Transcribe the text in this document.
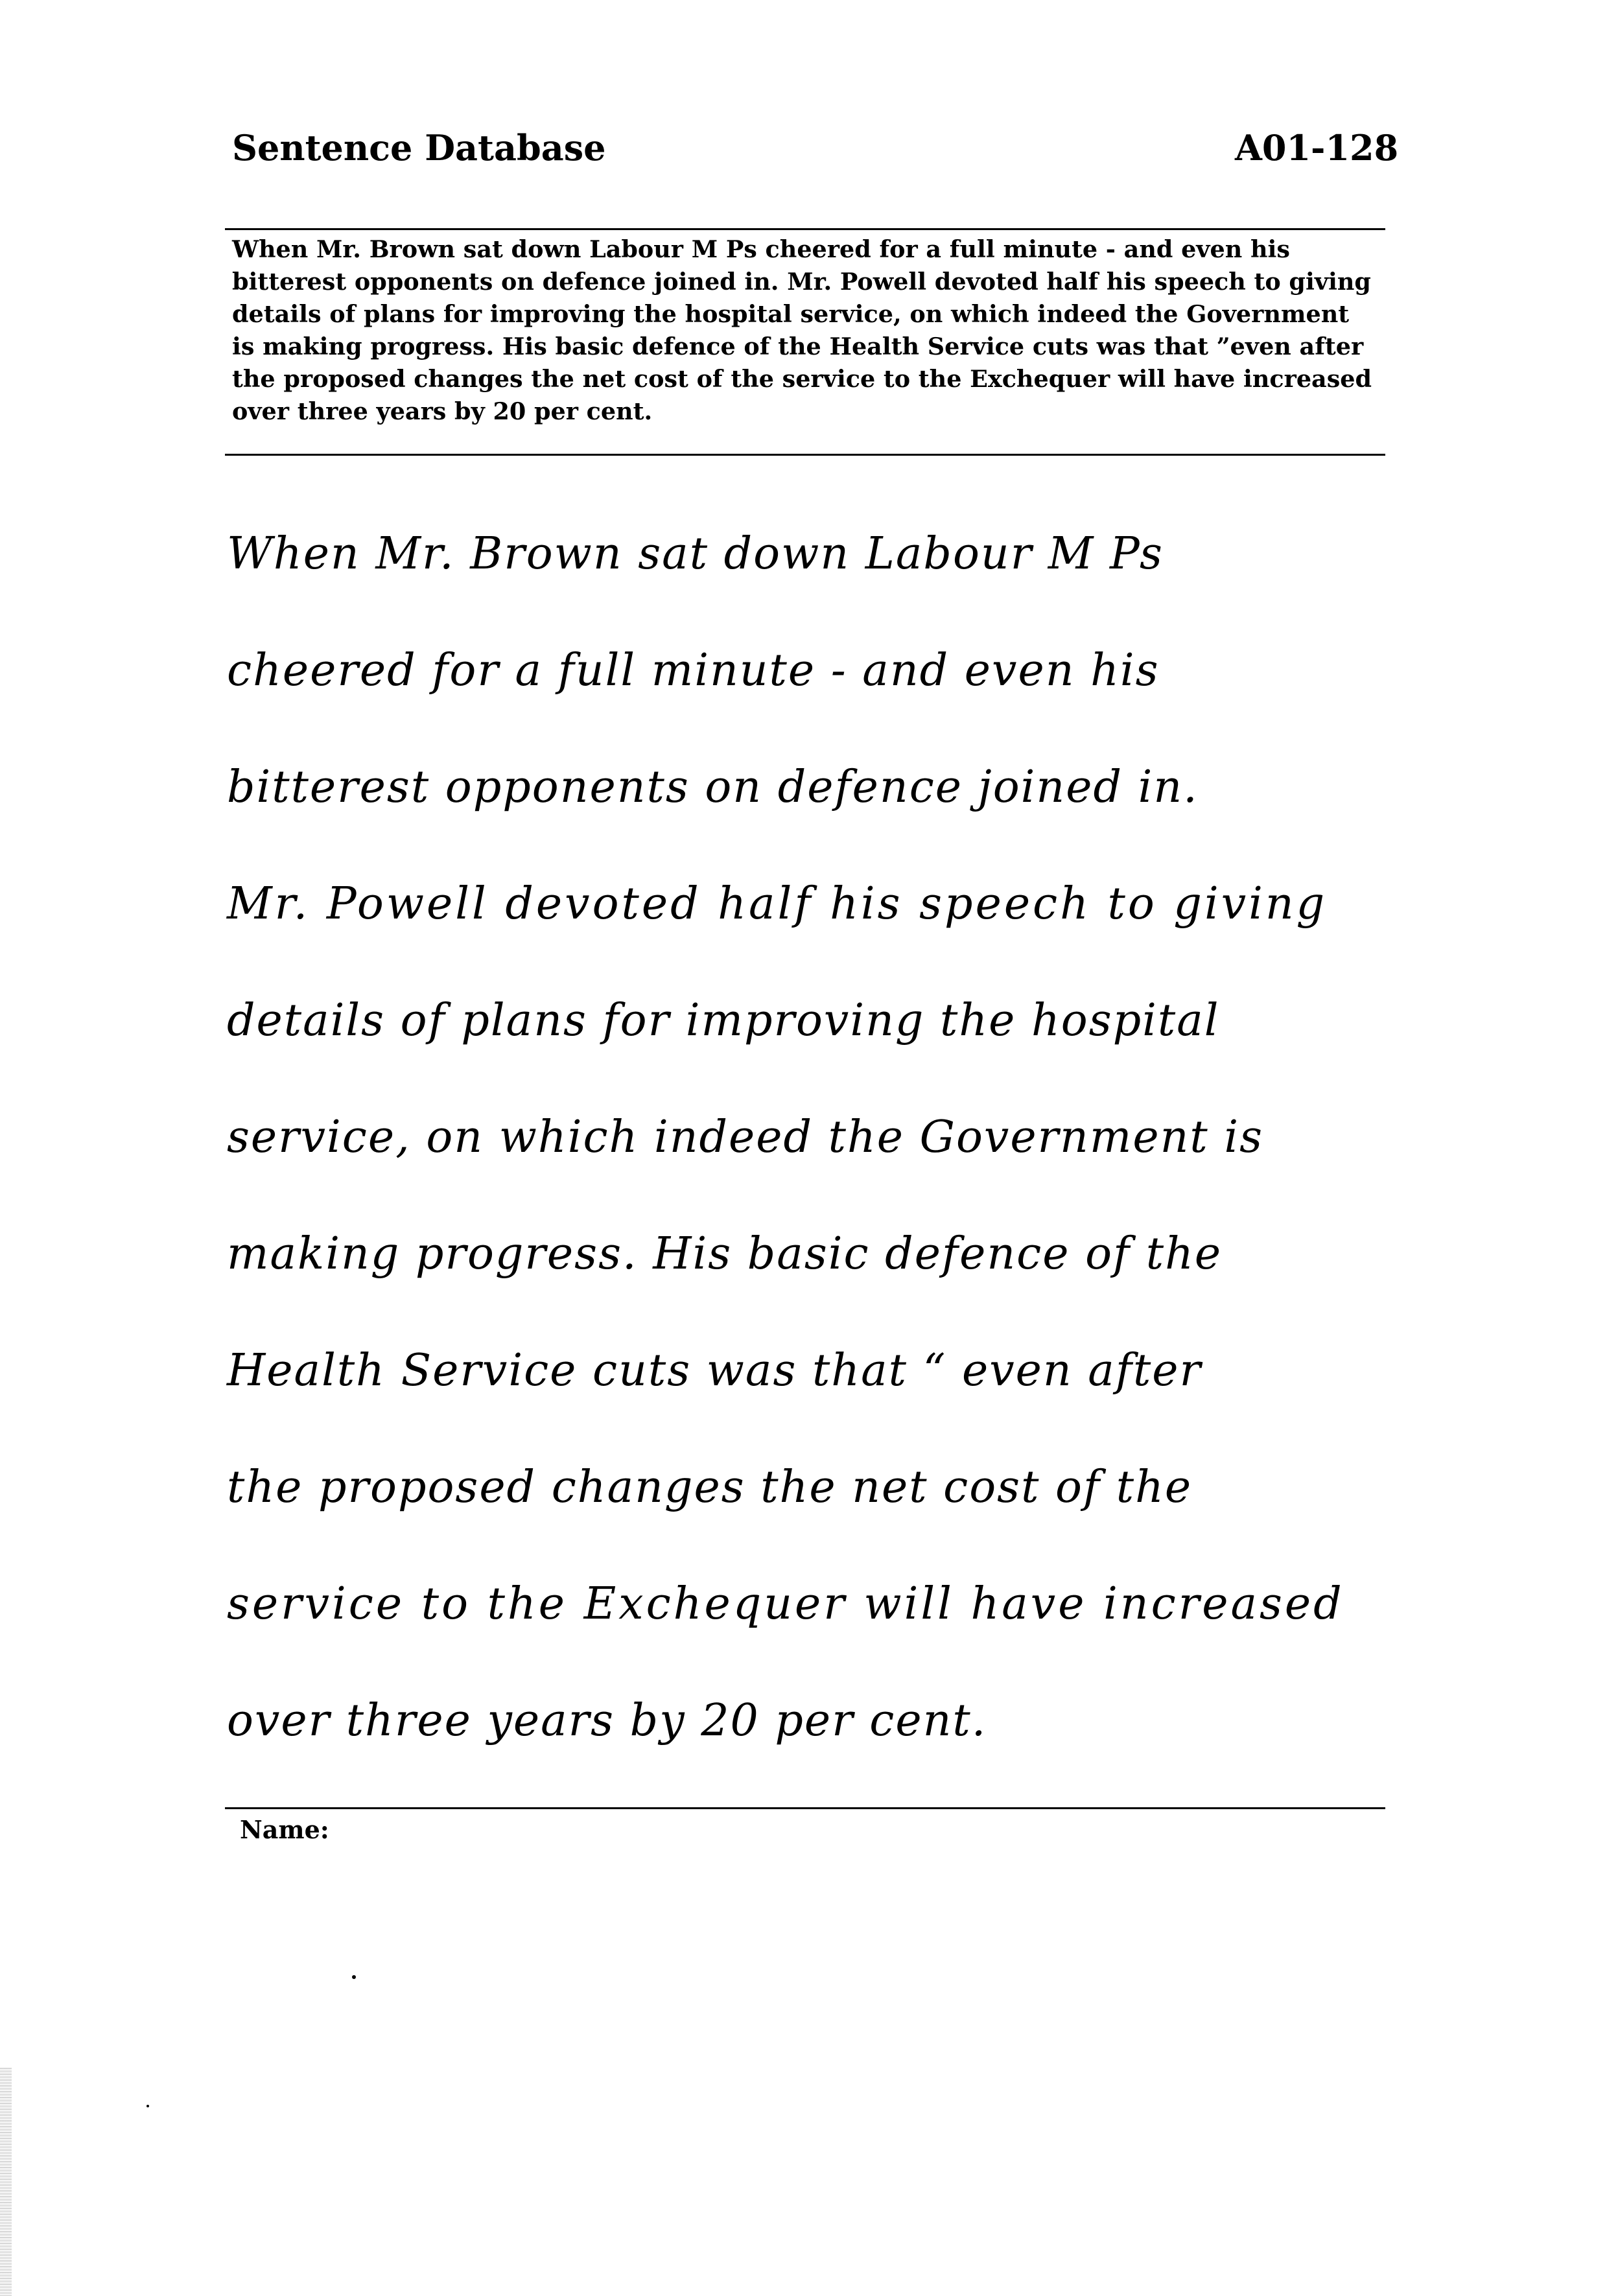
Sentence Database	A01-128
When Mr. Brown sat down Labour M Ps cheered for a full minute - and even his
bitterest opponents on defence joined in. Mr. Powell devoted half his speech to giving
details of plans for improving the hospital service, on which indeed the Government
is making progress. His basic defence of the Health Service cuts was that ”even after
the proposed changes the net cost of the service to the Exchequer will have increased
over three years by 20 per cent.
When Mr. Brown sat down Labour M Ps
cheered for a full minute - and even his
bitterest opponents on defence joined in.
Mr. Powell devoted half his speech to giving
details of plans for improving the hospital
service, on which indeed the Government is
making progress. His basic defence of the
Health Service cuts was that “ even after
the proposed changes the net cost of the
service to the Exchequer will have increased
over three years by 20 per cent.
Name:
